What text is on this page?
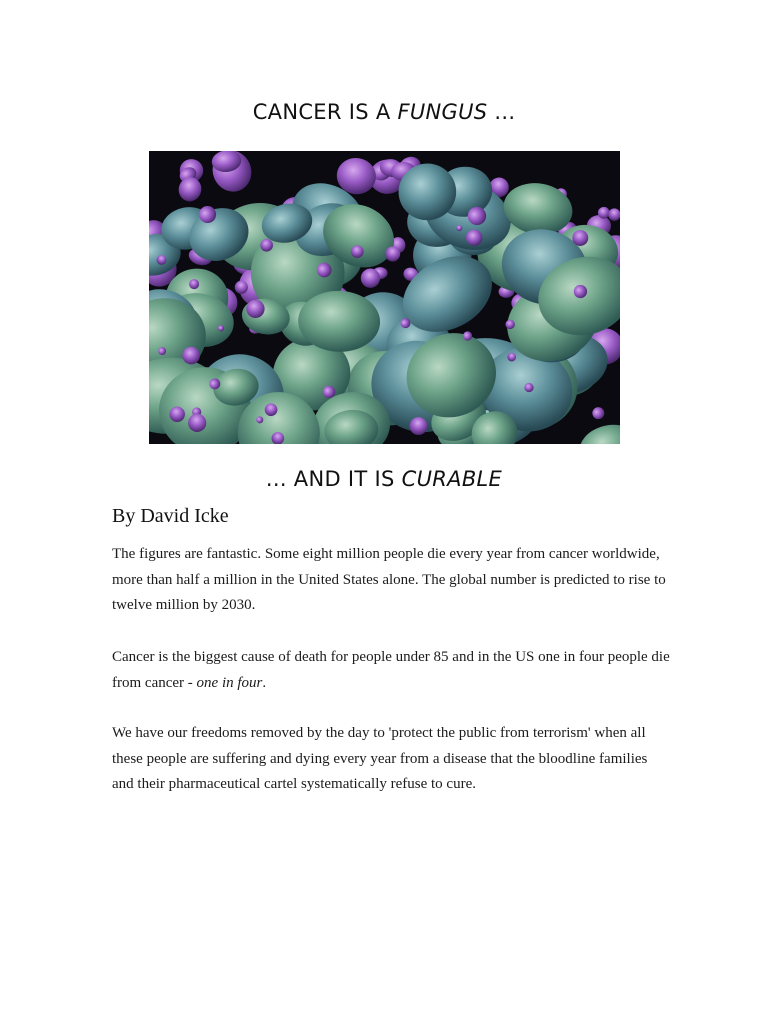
CANCER IS A FUNGUS ...
... AND IT IS CURABLE
By David Icke

The figures are fantastic. Some eight million people die every year from cancer worldwide, more than half a million in the United States alone. The global number is predicted to rise to twelve million by 2030.

Cancer is the biggest cause of death for people under 85 and in the US one in four people die from cancer - one in four.

We have our freedoms removed by the day to 'protect the public from terrorism' when all these people are suffering and dying every year from a disease that the bloodline families and their pharmaceutical cartel systematically refuse to cure.
